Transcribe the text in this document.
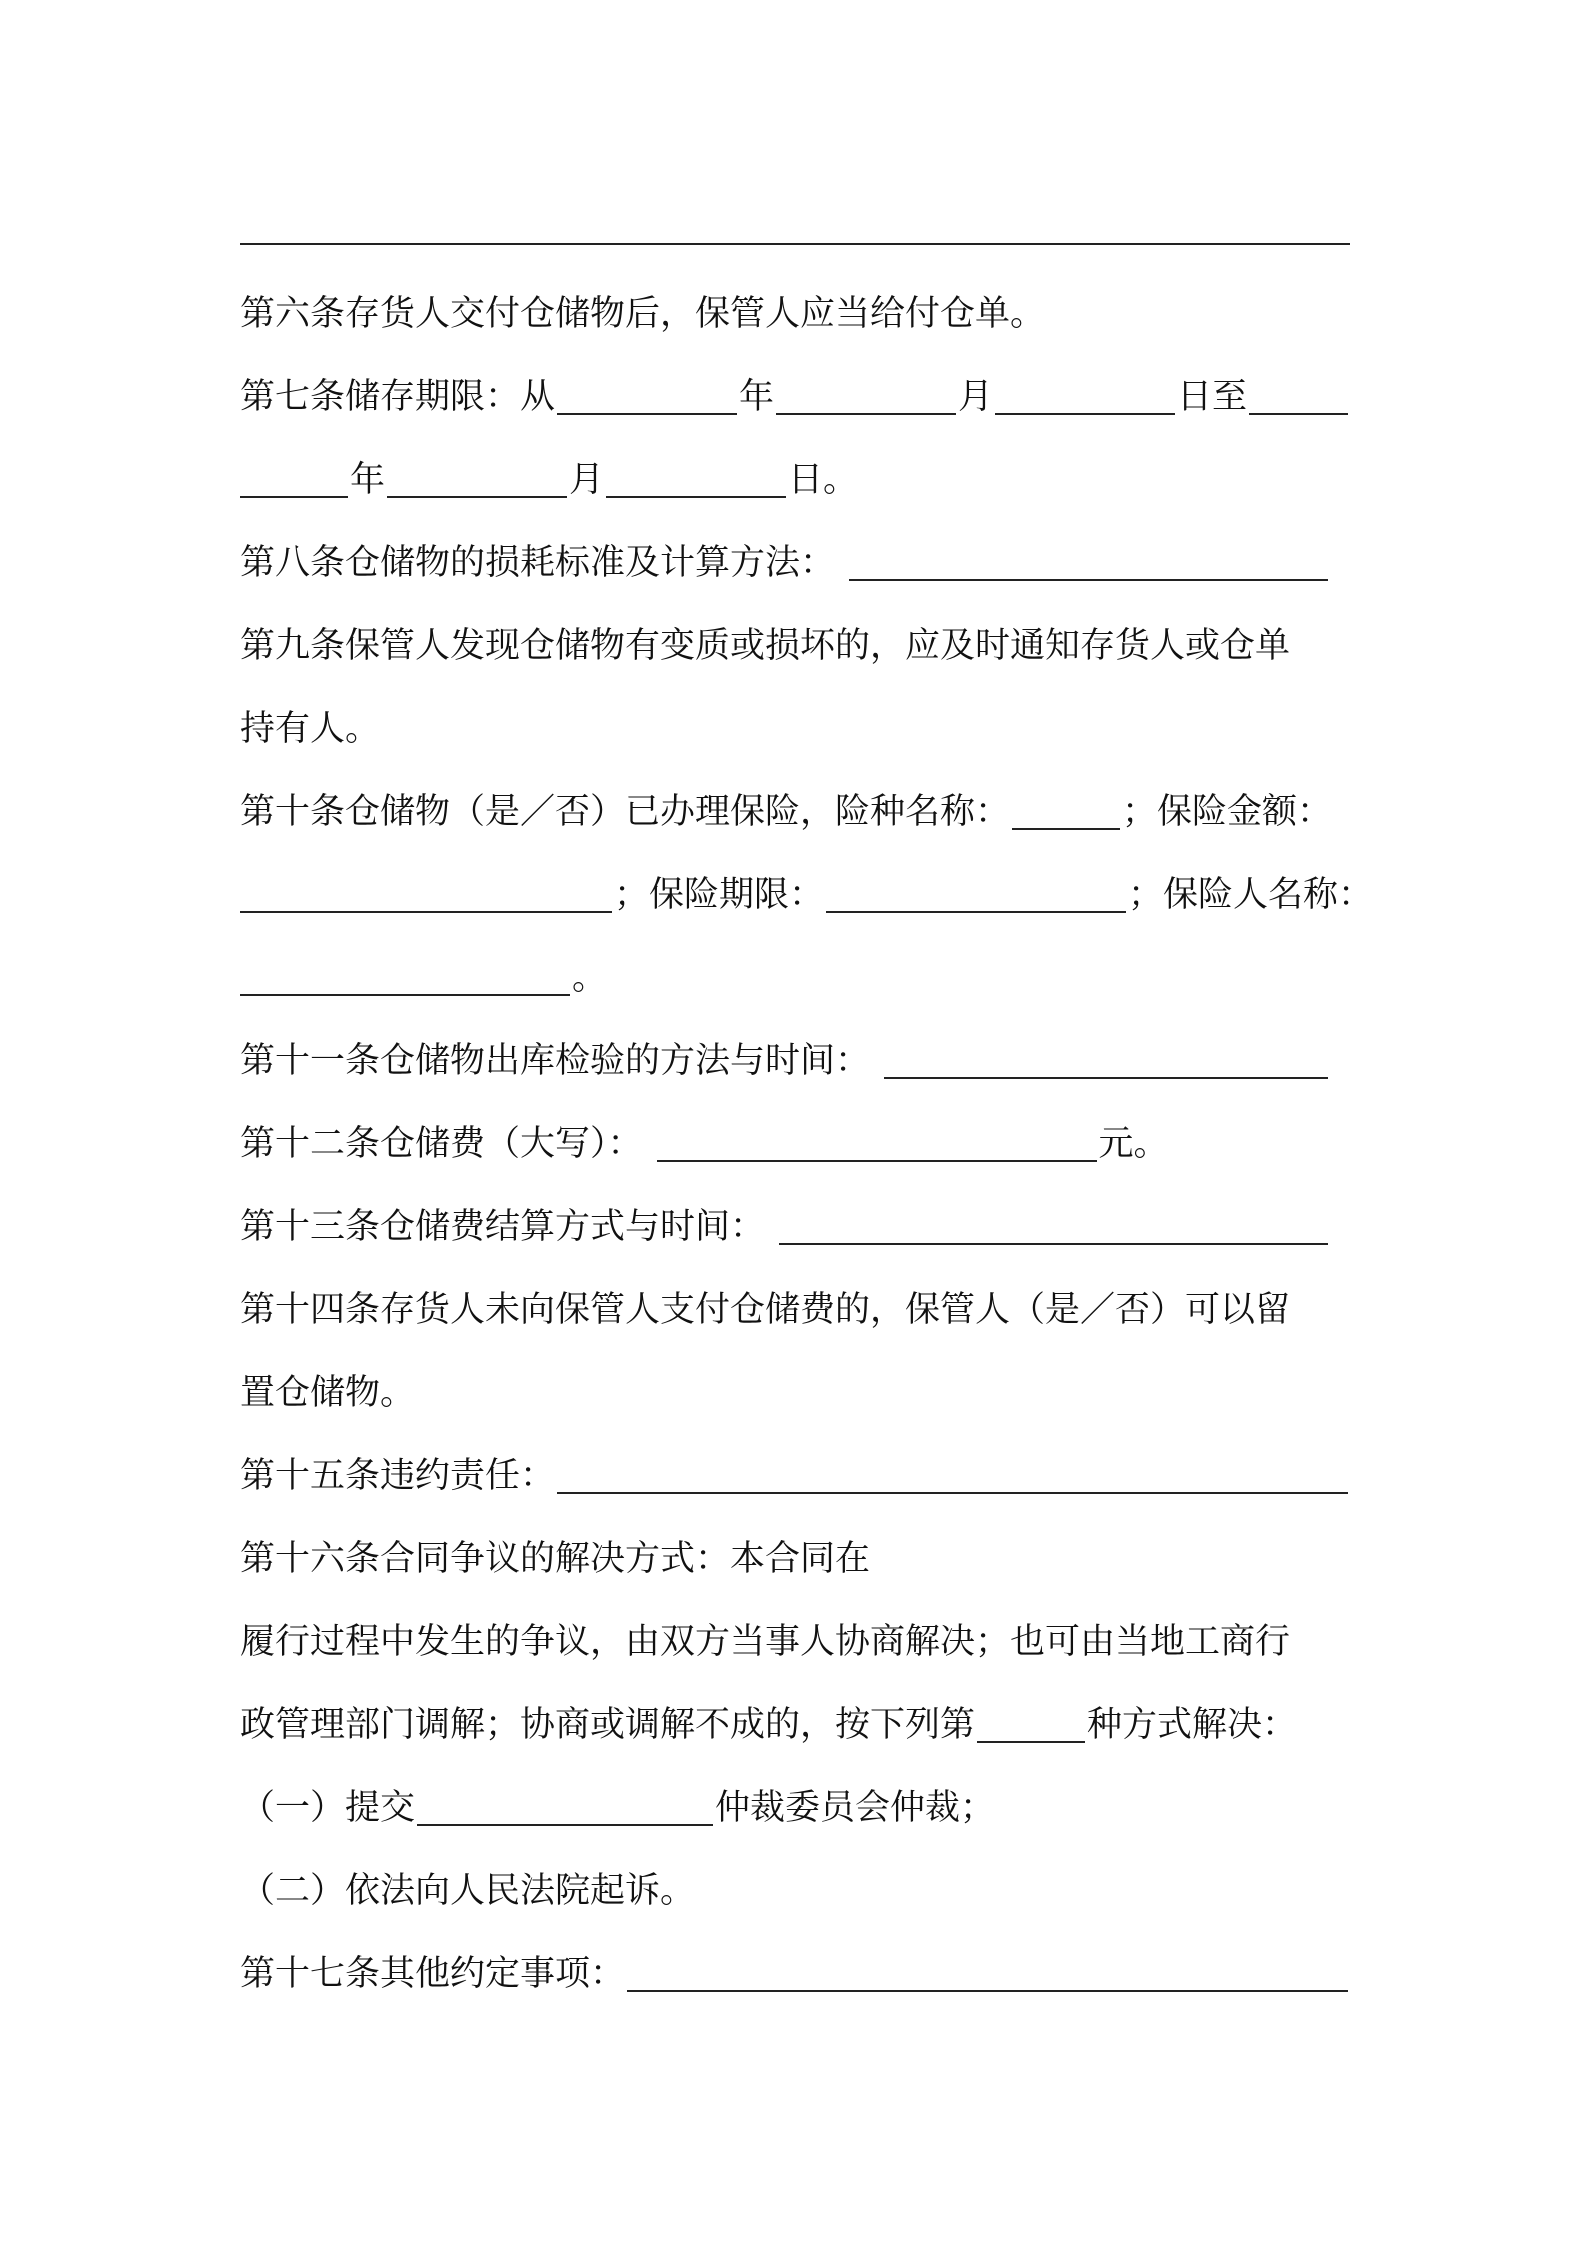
第六条存货人交付仓储物后，保管人应当给付仓单。
第七条储存期限：从	年	月	日至
年	月	日。
第八条仓储物的损耗标准及计算方法：
第九条保管人发现仓储物有变质或损坏的，应及时通知存货人或仓单
持有人。
第十条仓储物（是／否）已办理保险，险种名称：	；保险金额：
；保险期限：	；保险人名称：
。
第十一条仓储物出库检验的方法与时间：
第十二条仓储费（大写）：	元。
第十三条仓储费结算方式与时间：
第十四条存货人未向保管人支付仓储费的，保管人（是／否）可以留
置仓储物。
第十五条违约责任：
第十六条合同争议的解决方式：本合同在
履行过程中发生的争议，由双方当事人协商解决；也可由当地工商行
政管理部门调解；协商或调解不成的，按下列第	种方式解决：
（一）提交	仲裁委员会仲裁；
（二）依法向人民法院起诉。
第十七条其他约定事项：
